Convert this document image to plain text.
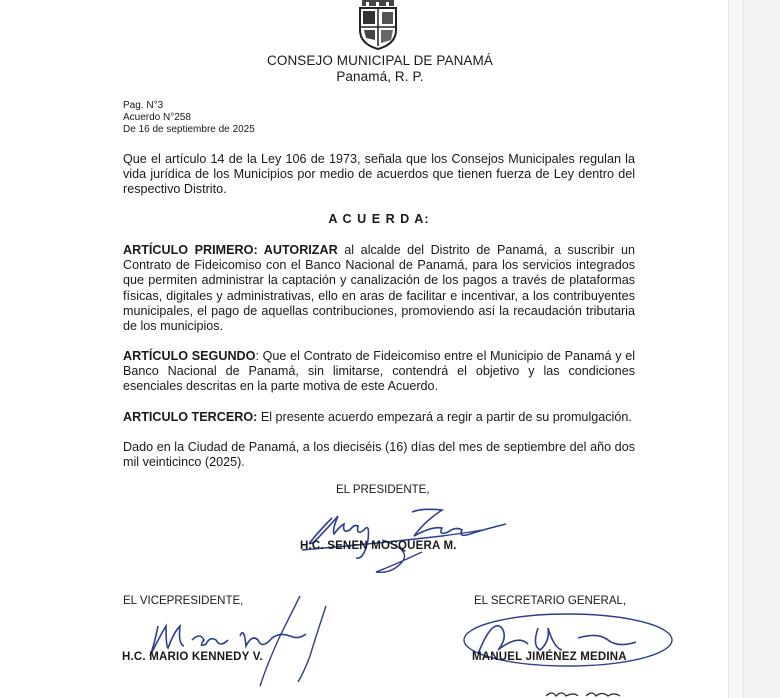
CONSEJO MUNICIPAL DE PANAMÁ
Panamá, R. P.
Pag. N°3
Acuerdo N°258
De 16 de septiembre de 2025
Que el artículo 14 de la Ley 106 de 1973, señala que los Consejos Municipales regulan la vida jurídica de los Municipios por medio de acuerdos que tienen fuerza de Ley dentro del respectivo Distrito.
A C U E R D A:
ARTÍCULO PRIMERO: AUTORIZAR al alcalde del Distrito de Panamá, a suscribir un Contrato de Fideicomiso con el Banco Nacional de Panamá, para los servicios integrados que permiten administrar la captación y canalización de los pagos a través de plataformas físicas, digitales y administrativas, ello en aras de facilitar e incentivar, a los contribuyentes municipales, el pago de aquellas contribuciones, promoviendo así la recaudación tributaria de los municipios.
ARTÍCULO SEGUNDO: Que el Contrato de Fideicomiso entre el Municipio de Panamá y el Banco Nacional de Panamá, sin limitarse, contendrá el objetivo y las condiciones esenciales descritas en la parte motiva de este Acuerdo.
ARTICULO TERCERO: El presente acuerdo empezará a regir a partir de su promulgación.
Dado en la Ciudad de Panamá, a los dieciséis (16) días del mes de septiembre del año dos mil veinticinco (2025).
EL PRESIDENTE,
H.C. SENEN MOSQUERA M.
EL VICEPRESIDENTE,	EL SECRETARIO GENERAL,
H.C. MARIO KENNEDY V.	MANUEL JIMÉNEZ MEDINA
